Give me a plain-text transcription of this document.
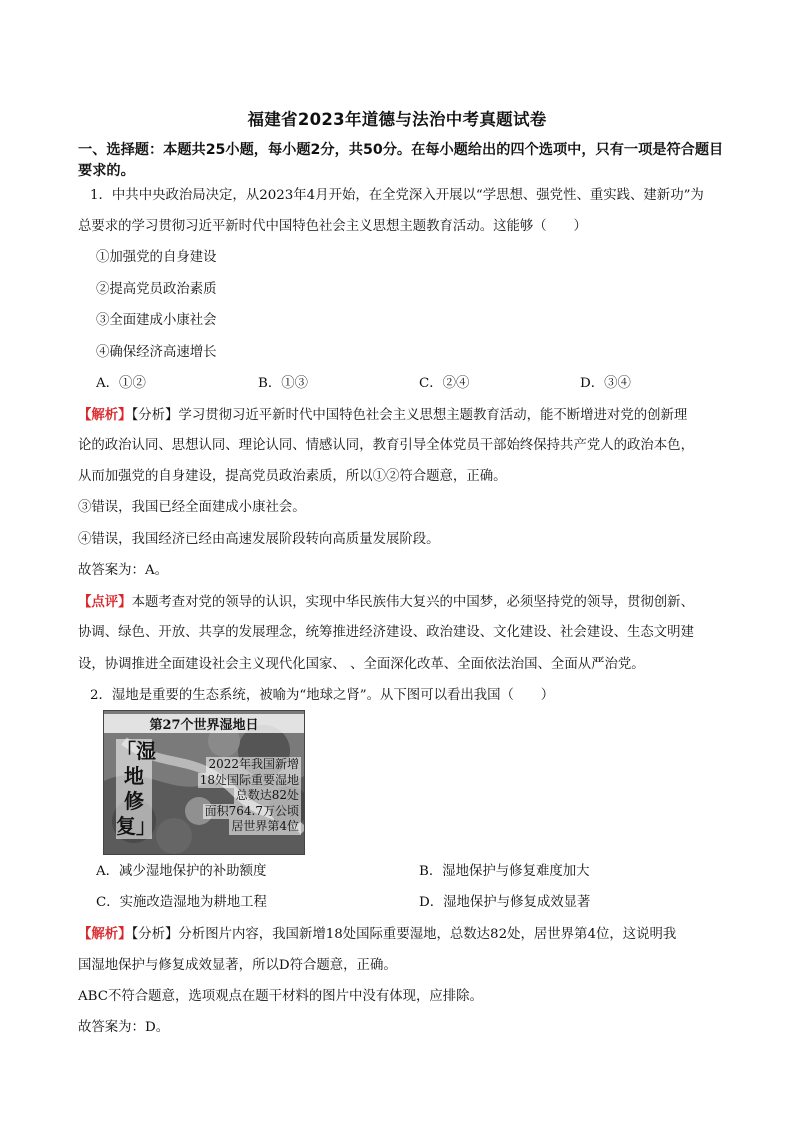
福建省2023年道德与法治中考真题试卷
一、选择题：本题共25小题，每小题2分，共50分。在每小题给出的四个选项中，只有一项是符合题目要求的。
1．中共中央政治局决定，从2023年4月开始，在全党深入开展以“学思想、强党性、重实践、建新功”为
总要求的学习贯彻习近平新时代中国特色社会主义思想主题教育活动。这能够（　　）
①加强党的自身建设
②提高党员政治素质
③全面建成小康社会
④确保经济高速增长
A．①②	B．①③	C．②④	D．③④
【解析】【分析】学习贯彻习近平新时代中国特色社会主义思想主题教育活动，能不断增进对党的创新理
论的政治认同、思想认同、理论认同、情感认同，教育引导全体党员干部始终保持共产党人的政治本色，
从而加强党的自身建设，提高党员政治素质，所以①②符合题意，正确。
③错误，我国已经全面建成小康社会。
④错误，我国经济已经由高速发展阶段转向高质量发展阶段。
故答案为：A。
【点评】本题考查对党的领导的认识，实现中华民族伟大复兴的中国梦，必须坚持党的领导，贯彻创新、
协调、绿色、开放、共享的发展理念，统筹推进经济建设、政治建设、文化建设、社会建设、生态文明建
设，协调推进全面建设社会主义现代化国家、 、全面深化改革、全面依法治国、全面从严治党。
2．湿地是重要的生态系统，被喻为“地球之肾”。从下图可以看出我国（　　）
第27个世界湿地日
「湿
地
修
复」
2022年我国新增
18处国际重要湿地
总数达82处
面积764.7万公顷
居世界第4位
A．减少湿地保护的补助额度	B．湿地保护与修复难度加大
C．实施改造湿地为耕地工程	D．湿地保护与修复成效显著
【解析】【分析】分析图片内容，我国新增18处国际重要湿地，总数达82处，居世界第4位，这说明我
国湿地保护与修复成效显著，所以D符合题意，正确。
ABC不符合题意，选项观点在题干材料的图片中没有体现，应排除。
故答案为：D。
